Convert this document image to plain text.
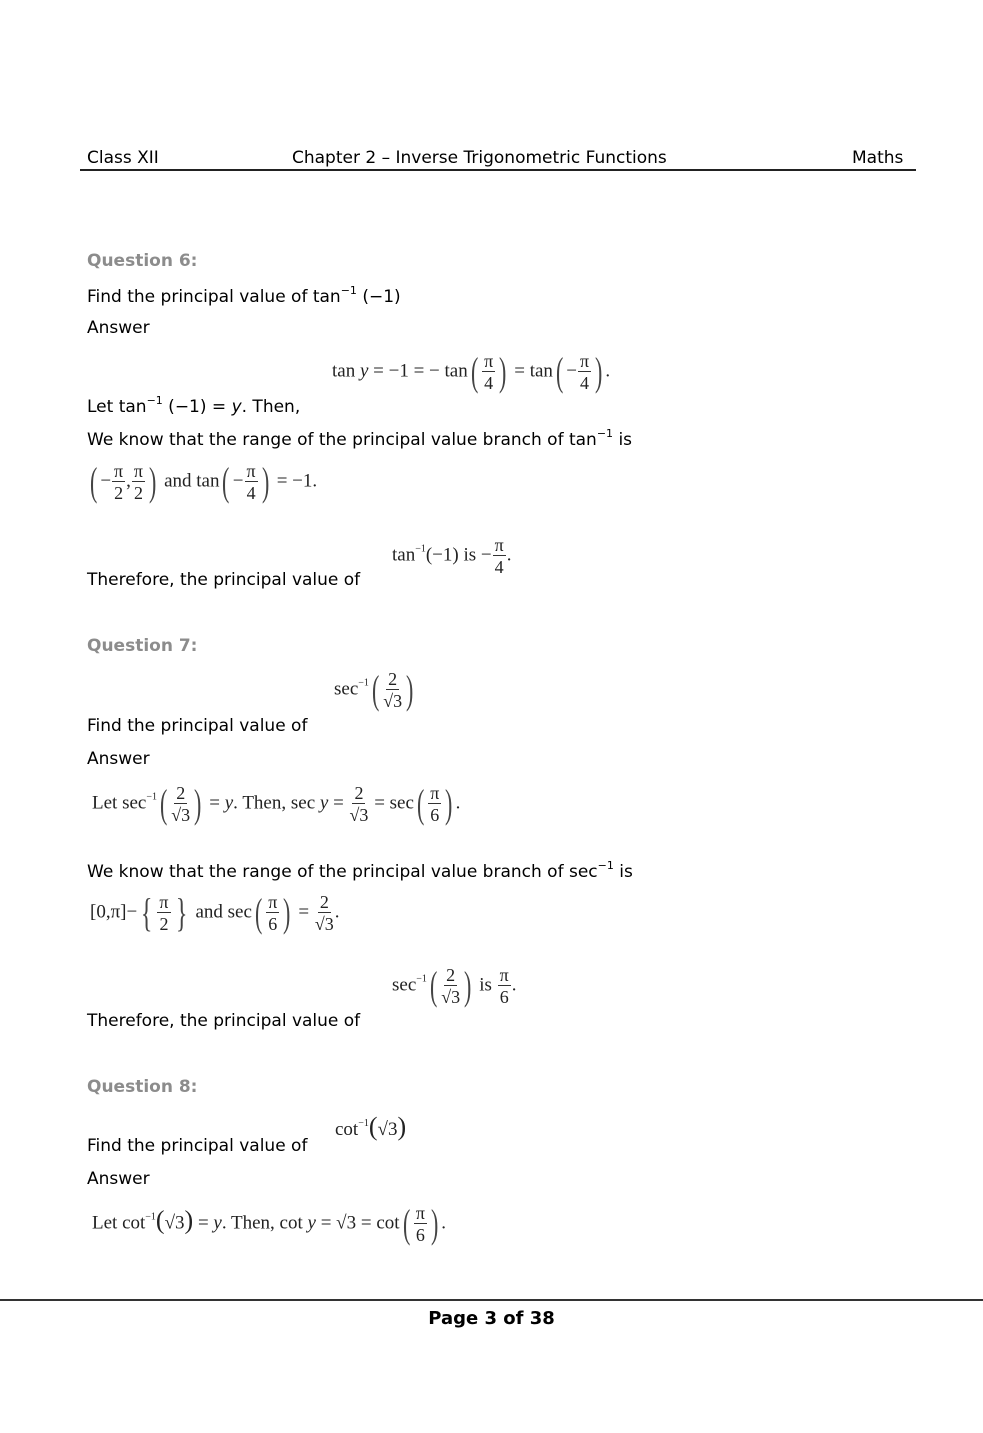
Class XII	Chapter 2 – Inverse Trigonometric Functions	Maths
Question 6:
Find the principal value of $\tan^{-1} (-1)$
Answer
tan y = −1 = − $\tan( \frac{\pi}{4}$ ) = $\tan( - \frac{\pi}{4}$ ) .
Let $\tan^{-1} (-1) = y$. Then,
We know that the range of the principal value branch of $\tan^{-1}$ is
( − $\frac{\pi}{2}$ , $\frac{\pi}{2}$ ) and $\tan( - \frac{\pi}{4}$ ) = −1.
$\tan^{-1}(-1)$ is − $\frac{\pi}{4}$ .
Therefore, the principal value of
Question 7:
$\sec^{-1}( \frac{2}{√3}$ )
Find the principal value of
Answer
Let $\sec^{-1}( \frac{2}{√3}$ ) = y. Then, $\sec y = \frac{2}{√3} = \sec( \frac{\pi}{6}$ ) .
We know that the range of the principal value branch of $\sec^{-1}$ is
$[0,\pi]-\{ \frac{\pi}{2}$ } and $\sec( \frac{\pi}{6}$ ) = $\frac{2}{√3}$ .
$\sec^{-1}( \frac{2}{√3}$ ) is $\frac{\pi}{6}$ .
Therefore, the principal value of
Question 8:
$\cot^{-1}(√3)$
Find the principal value of
Answer
Let $\cot^{-1}(√3) = y$. Then, $\cot y = √3 = \cot( \frac{\pi}{6}$ ) .
Page 3 of 38
